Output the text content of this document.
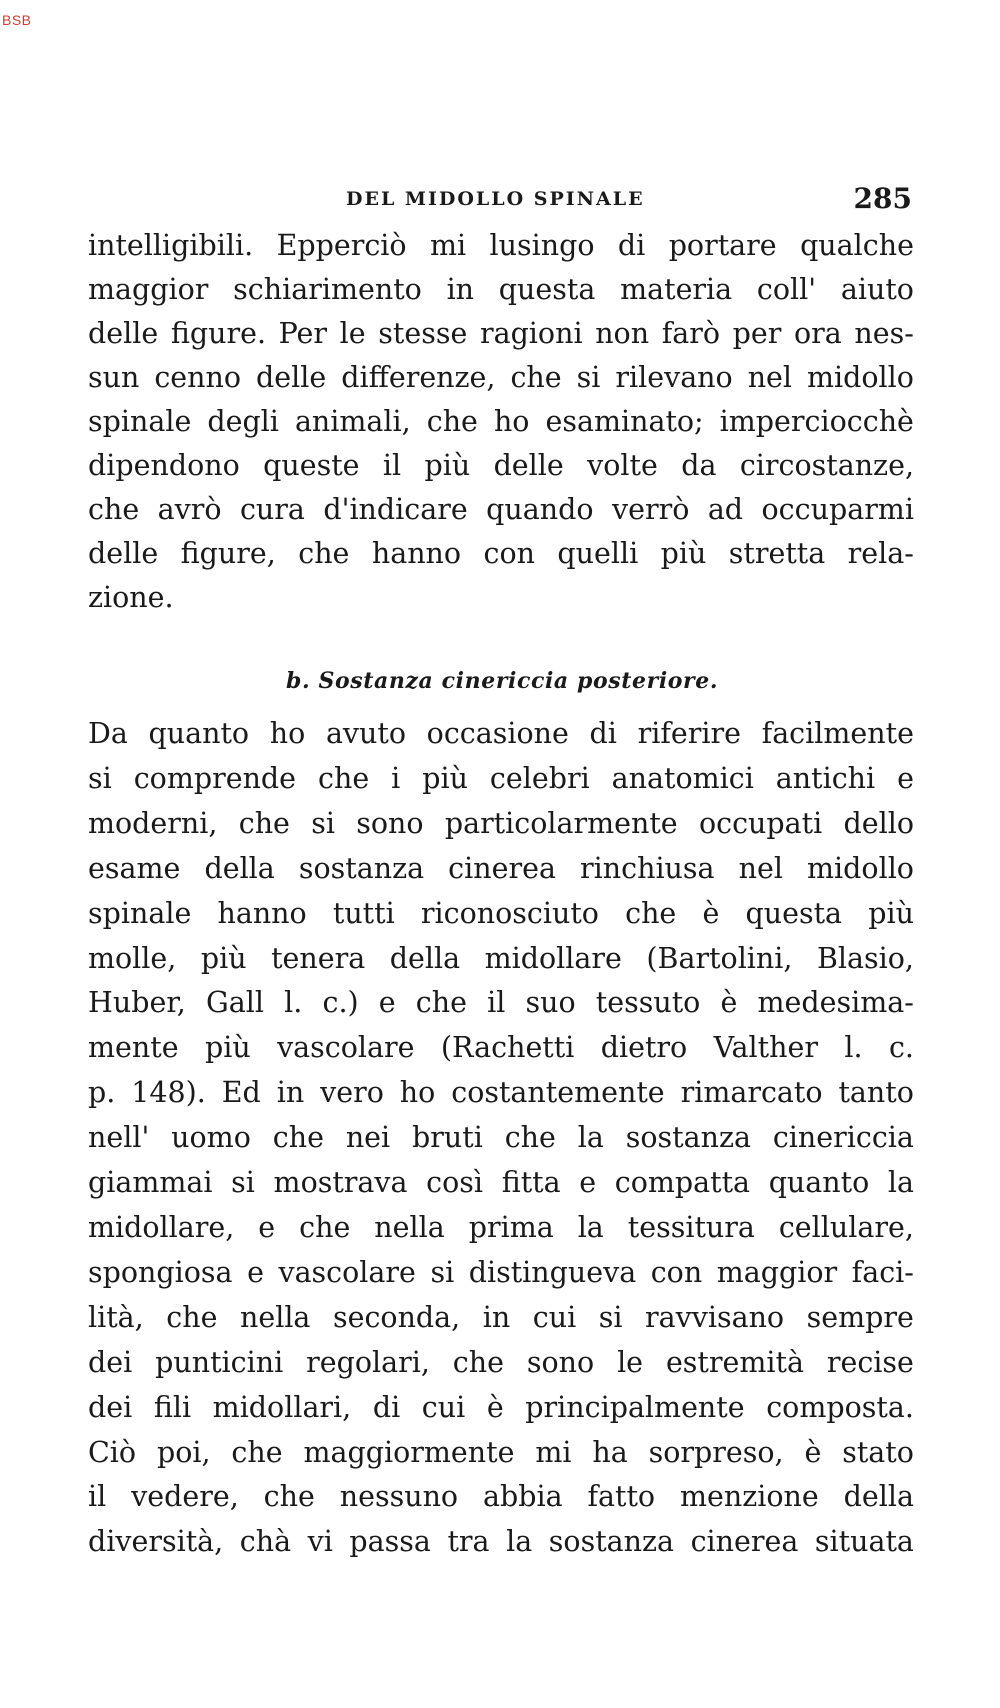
BSB
DEL MIDOLLO SPINALE	285
intelligibili. Epperciò mi lusingo di portare qualche
maggior schiarimento in questa materia coll' aiuto
delle figure. Per le stesse ragioni non farò per ora nes-
sun cenno delle differenze, che si rilevano nel midollo
spinale degli animali, che ho esaminato; imperciocchè
dipendono queste il più delle volte da circostanze,
che avrò cura d'indicare quando verrò ad occuparmi
delle figure, che hanno con quelli più stretta rela-
zione.
b. Sostanza cinericcia posteriore.
Da quanto ho avuto occasione di riferire facilmente
si comprende che i più celebri anatomici antichi e
moderni, che si sono particolarmente occupati dello
esame della sostanza cinerea rinchiusa nel midollo
spinale hanno tutti riconosciuto che è questa più
molle, più tenera della midollare (Bartolini, Blasio,
Huber, Gall l. c.) e che il suo tessuto è medesima-
mente più vascolare (Rachetti dietro Valther l. c.
p. 148). Ed in vero ho costantemente rimarcato tanto
nell' uomo che nei bruti che la sostanza cinericcia
giammai si mostrava così fitta e compatta quanto la
midollare, e che nella prima la tessitura cellulare,
spongiosa e vascolare si distingueva con maggior faci-
lità, che nella seconda, in cui si ravvisano sempre
dei punticini regolari, che sono le estremità recise
dei fili midollari, di cui è principalmente composta.
Ciò poi, che maggiormente mi ha sorpreso, è stato
il vedere, che nessuno abbia fatto menzione della
diversità, chà vi passa tra la sostanza cinerea situata
